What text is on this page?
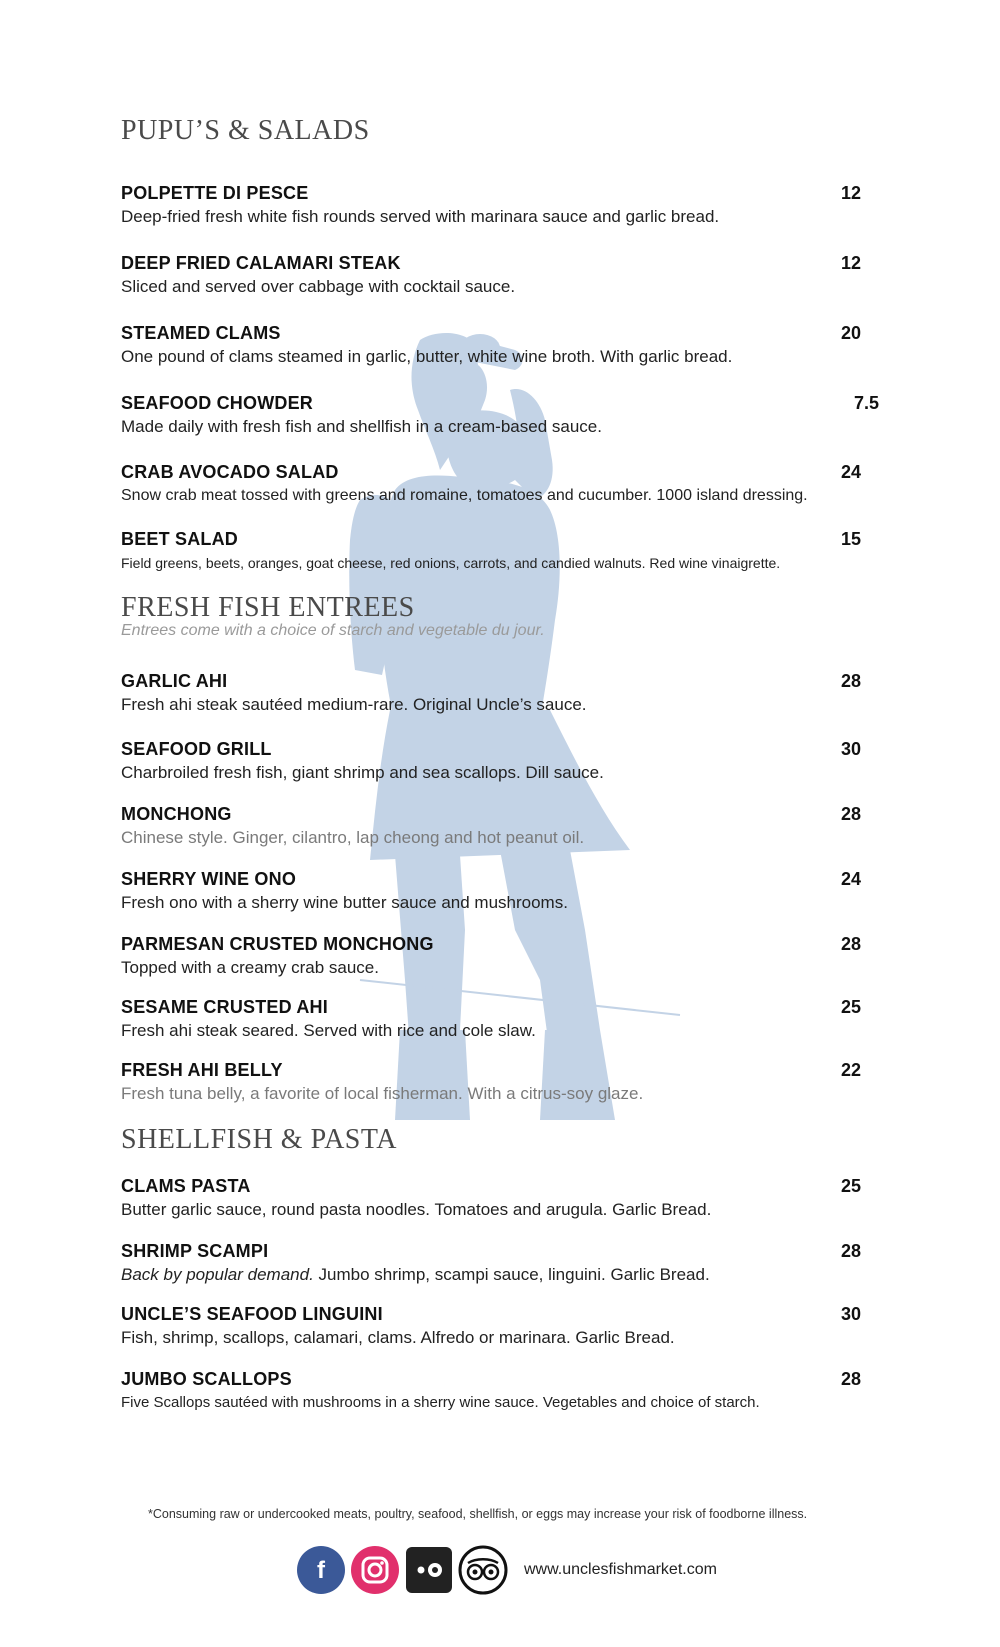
PUPU’S & SALADS
POLPETTE DI PESCE	12
Deep-fried fresh white fish rounds served with marinara sauce and garlic bread.
DEEP FRIED CALAMARI STEAK	12
Sliced and served over cabbage with cocktail sauce.
STEAMED CLAMS	20
One pound of clams steamed in garlic, butter, white wine broth. With garlic bread.
SEAFOOD CHOWDER	7.5
Made daily with fresh fish and shellfish in a cream-based sauce.
CRAB AVOCADO SALAD	24
Snow crab meat tossed with greens and romaine, tomatoes and cucumber. 1000 island dressing.
BEET SALAD	15
Field greens, beets, oranges, goat cheese, red onions, carrots, and candied walnuts. Red wine vinaigrette.
FRESH FISH ENTREES
Entrees come with a choice of starch and vegetable du jour.
GARLIC AHI	28
Fresh ahi steak sautéed medium-rare. Original Uncle’s sauce.
SEAFOOD GRILL	30
Charbroiled fresh fish, giant shrimp and sea scallops. Dill sauce.
MONCHONG	28
Chinese style. Ginger, cilantro, lap cheong and hot peanut oil.
SHERRY WINE ONO	24
Fresh ono with a sherry wine butter sauce and mushrooms.
PARMESAN CRUSTED MONCHONG	28
Topped with a creamy crab sauce.
SESAME CRUSTED AHI	25
Fresh ahi steak seared. Served with rice and cole slaw.
FRESH AHI BELLY	22
Fresh tuna belly, a favorite of local fisherman. With a citrus-soy glaze.
SHELLFISH & PASTA
CLAMS PASTA	25
Butter garlic sauce, round pasta noodles. Tomatoes and arugula. Garlic Bread.
SHRIMP SCAMPI	28
Back by popular demand. Jumbo shrimp, scampi sauce, linguini. Garlic Bread.
UNCLE’S SEAFOOD LINGUINI	30
Fish, shrimp, scallops, calamari, clams. Alfredo or marinara. Garlic Bread.
JUMBO SCALLOPS	28
Five Scallops sautéed with mushrooms in a sherry wine sauce. Vegetables and choice of starch.
*Consuming raw or undercooked meats, poultry, seafood, shellfish, or eggs may increase your risk of foodborne illness.
f	www.unclesfishmarket.com
